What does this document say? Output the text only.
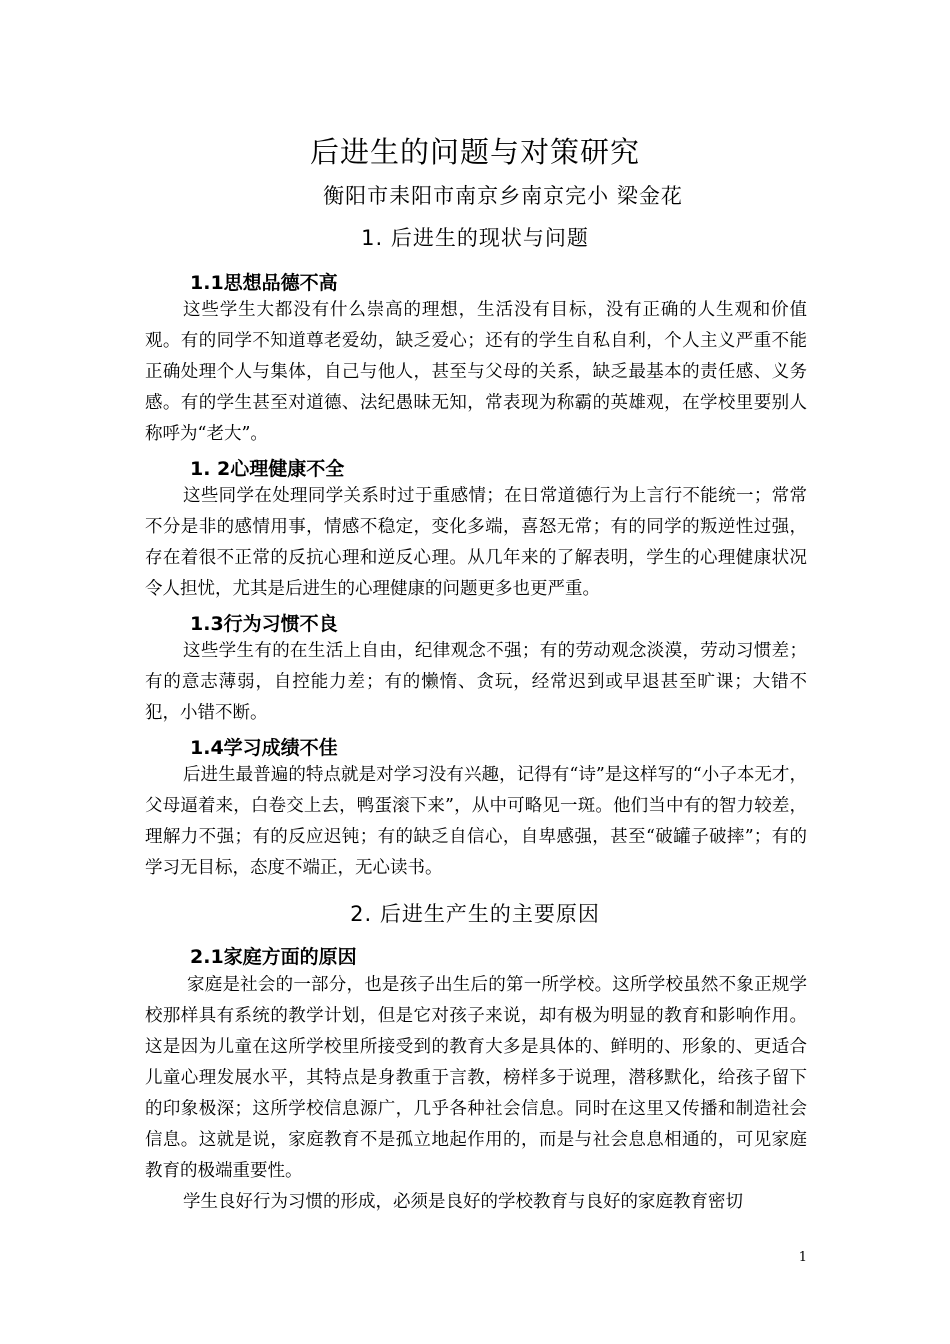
后进生的问题与对策研究
衡阳市耒阳市南京乡南京完小 梁金花
1. 后进生的现状与问题
1.1思想品德不高

这些学生大都没有什么崇高的理想，生活没有目标，没有正确的人生观和价值观。有的同学不知道尊老爱幼，缺乏爱心；还有的学生自私自利，个人主义严重不能正确处理个人与集体，自己与他人，甚至与父母的关系，缺乏最基本的责任感、义务感。有的学生甚至对道德、法纪愚昧无知，常表现为称霸的英雄观，在学校里要别人称呼为“老大”。

1. 2心理健康不全

这些同学在处理同学关系时过于重感情；在日常道德行为上言行不能统一；常常不分是非的感情用事，情感不稳定，变化多端，喜怒无常；有的同学的叛逆性过强，存在着很不正常的反抗心理和逆反心理。从几年来的了解表明，学生的心理健康状况令人担忧，尤其是后进生的心理健康的问题更多也更严重。

1.3行为习惯不良

这些学生有的在生活上自由，纪律观念不强；有的劳动观念淡漠，劳动习惯差；有的意志薄弱，自控能力差；有的懒惰、贪玩，经常迟到或早退甚至旷课；大错不犯，小错不断。

1.4学习成绩不佳

后进生最普遍的特点就是对学习没有兴趣，记得有“诗”是这样写的“小子本无才，父母逼着来，白卷交上去，鸭蛋滚下来”，从中可略见一斑。他们当中有的智力较差，理解力不强；有的反应迟钝；有的缺乏自信心，自卑感强，甚至“破罐子破摔”；有的学习无目标，态度不端正，无心读书。

2. 后进生产生的主要原因
2.1家庭方面的原因

家庭是社会的一部分，也是孩子出生后的第一所学校。这所学校虽然不象正规学校那样具有系统的教学计划，但是它对孩子来说，却有极为明显的教育和影响作用。这是因为儿童在这所学校里所接受到的教育大多是具体的、鲜明的、形象的、更适合儿童心理发展水平，其特点是身教重于言教，榜样多于说理，潜移默化，给孩子留下的印象极深；这所学校信息源广，几乎各种社会信息。同时在这里又传播和制造社会信息。这就是说，家庭教育不是孤立地起作用的，而是与社会息息相通的，可见家庭教育的极端重要性。

学生良好行为习惯的形成，必须是良好的学校教育与良好的家庭教育密切

1
